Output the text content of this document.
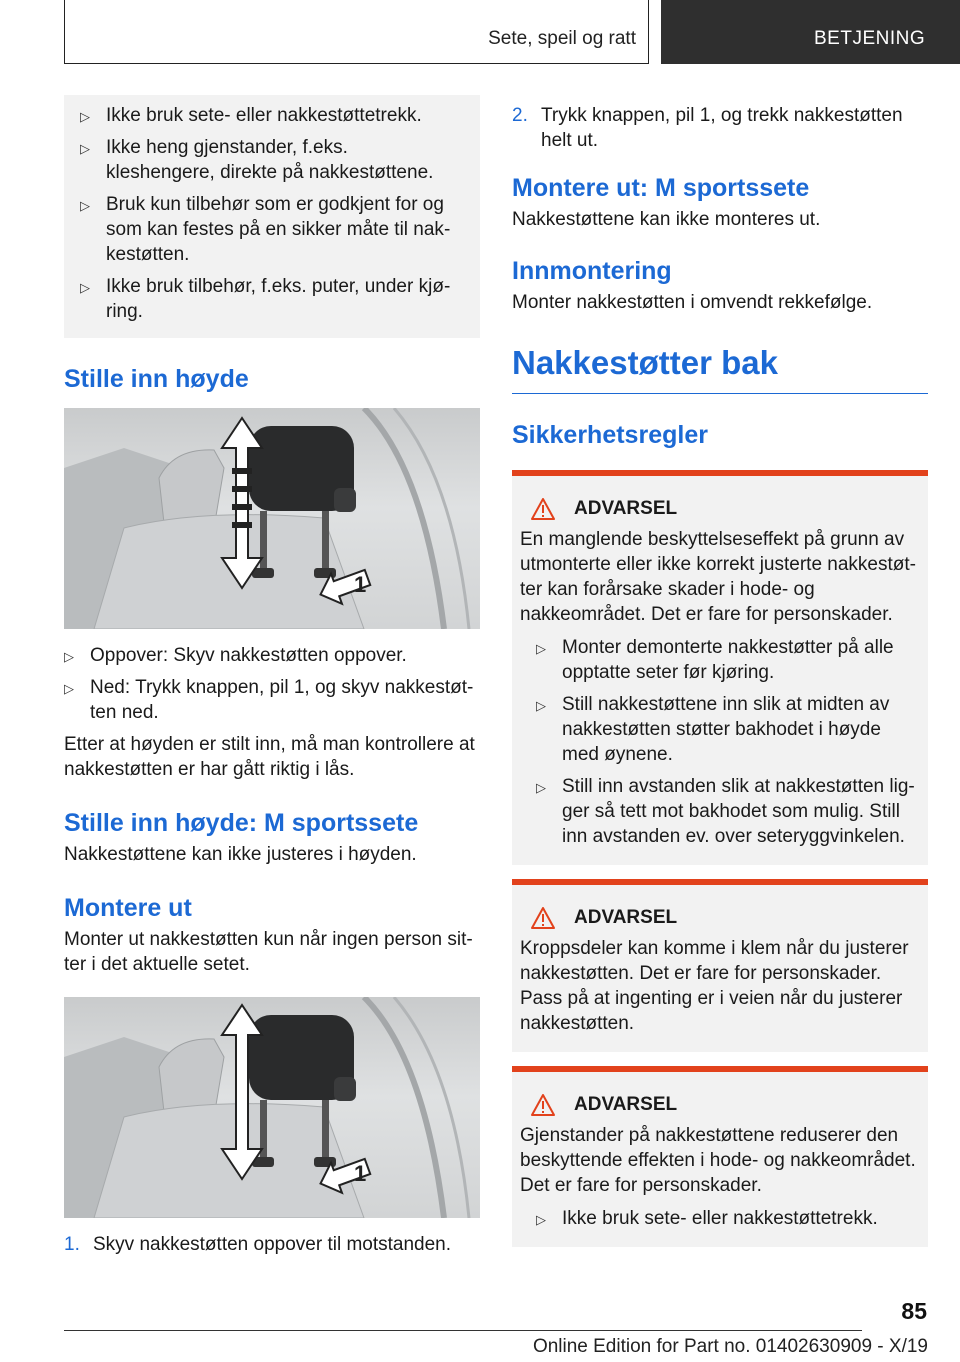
Sete, speil og ratt	BETJENING
▷ Ikke bruk sete- eller nakkestøttetrekk.
▷ Ikke heng gjenstander, f.eks. kleshengere, direkte på nakkestøttene.
▷ Bruk kun tilbehør som er godkjent for og som kan festes på en sikker måte til nakkestøtten.
▷ Ikke bruk tilbehør, f.eks. puter, under kjøring.
Stille inn høyde
1
▷ Oppover: Skyv nakkestøtten oppover.
▷ Ned: Trykk knappen, pil 1, og skyv nakkestøtten ned.

Etter at høyden er stilt inn, må man kontrollere at nakkestøtten er har gått riktig i lås.

Stille inn høyde: M sportssete

Nakkestøttene kan ikke justeres i høyden.

Montere ut

Monter ut nakkestøtten kun når ingen person sitter i det aktuelle setet.

1
1. Skyv nakkestøtten oppover til motstanden.
2. Trykk knappen, pil 1, og trekk nakkestøtten helt ut.
Montere ut: M sportssete

Nakkestøttene kan ikke monteres ut.

Innmontering

Monter nakkestøtten i omvendt rekkefølge.

Nakkestøtter bak
Sikkerhetsregler
ADVARSEL

En manglende beskyttelseseffekt på grunn av utmonterte eller ikke korrekt justerte nakkestøtter kan forårsake skader i hode- og nakkeområdet. Det er fare for personskader.

▷ Monter demonterte nakkestøtter på alle opptatte seter før kjøring.
▷ Still nakkestøttene inn slik at midten av nakkestøtten støtter bakhodet i høyde med øynene.
▷ Still inn avstanden slik at nakkestøtten ligger så tett mot bakhodet som mulig. Still inn avstanden ev. over seteryggvinkelen.
ADVARSEL

Kroppsdeler kan komme i klem når du justerer nakkestøtten. Det er fare for personskader. Pass på at ingenting er i veien når du justerer nakkestøtten.

ADVARSEL

Gjenstander på nakkestøttene reduserer den beskyttende effekten i hode- og nakkeområdet. Det er fare for personskader.

▷ Ikke bruk sete- eller nakkestøttetrekk.
85
Online Edition for Part no. 01402630909 - X/19
